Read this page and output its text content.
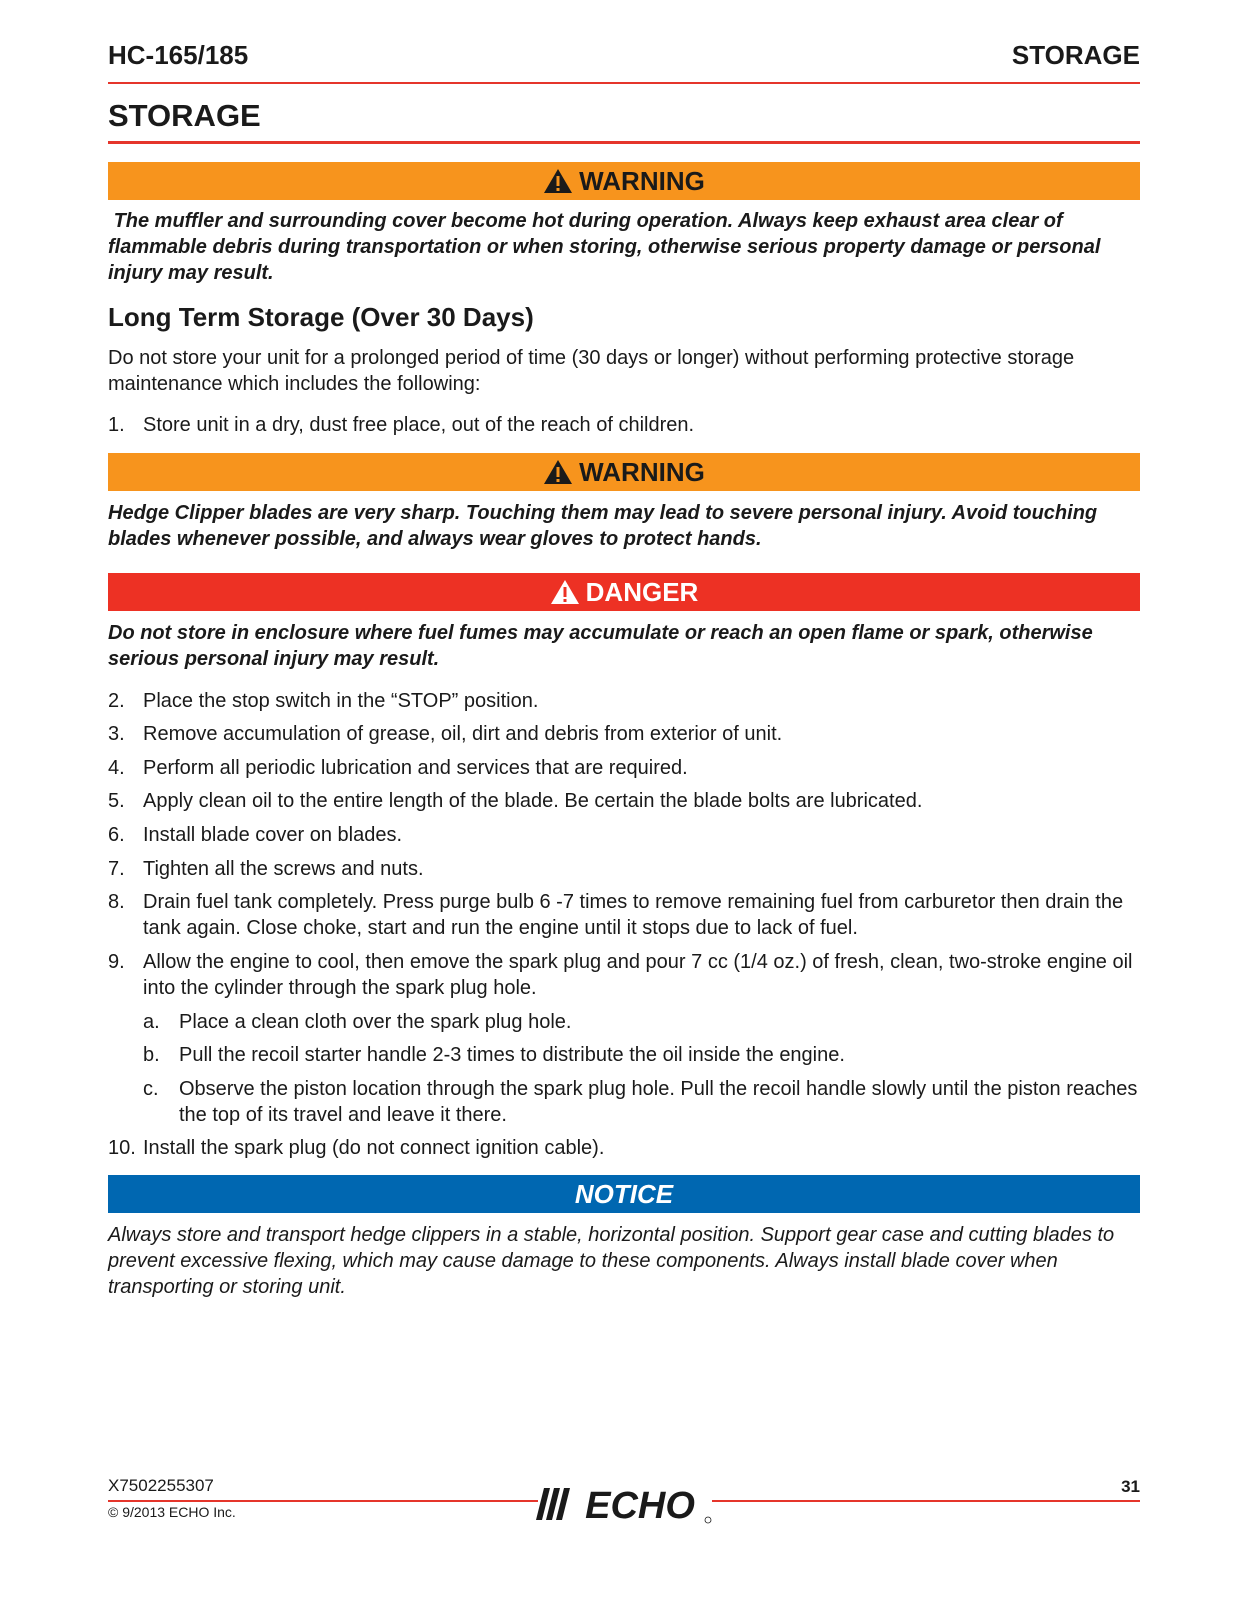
HC-165/185	STORAGE
STORAGE
WARNING
The muffler and surrounding cover become hot during operation. Always keep exhaust area clear of flammable debris during transportation or when storing, otherwise serious property damage or personal injury may result.
Long Term Storage (Over 30 Days)
Do not store your unit for a prolonged period of time (30 days or longer) without performing protective storage maintenance which includes the following:
1. Store unit in a dry, dust free place, out of the reach of children.
WARNING
Hedge Clipper blades are very sharp. Touching them may lead to severe personal injury. Avoid touching blades whenever possible, and always wear gloves to protect hands.
DANGER
Do not store in enclosure where fuel fumes may accumulate or reach an open flame or spark, otherwise serious personal injury may result.
2. Place the stop switch in the “STOP” position.
3. Remove accumulation of grease, oil, dirt and debris from exterior of unit.
4. Perform all periodic lubrication and services that are required.
5. Apply clean oil to the entire length of the blade. Be certain the blade bolts are lubricated.
6. Install blade cover on blades.
7. Tighten all the screws and nuts.
8. Drain fuel tank completely. Press purge bulb 6 -7 times to remove remaining fuel from carburetor then drain the tank again. Close choke, start and run the engine until it stops due to lack of fuel.
9. Allow the engine to cool, then emove the spark plug and pour 7 cc (1/4 oz.) of fresh, clean, two-stroke engine oil into the cylinder through the spark plug hole.
a. Place a clean cloth over the spark plug hole.
b. Pull the recoil starter handle 2-3 times to distribute the oil inside the engine.
c. Observe the piston location through the spark plug hole. Pull the recoil handle slowly until the piston reaches the top of its travel and leave it there.
10. Install the spark plug (do not connect ignition cable).
NOTICE
Always store and transport hedge clippers in a stable, horizontal position. Support gear case and cutting blades to prevent excessive flexing, which may cause damage to these components. Always install blade cover when transporting or storing unit.
X7502255307
© 9/2013 ECHO Inc.
31
ECHO
